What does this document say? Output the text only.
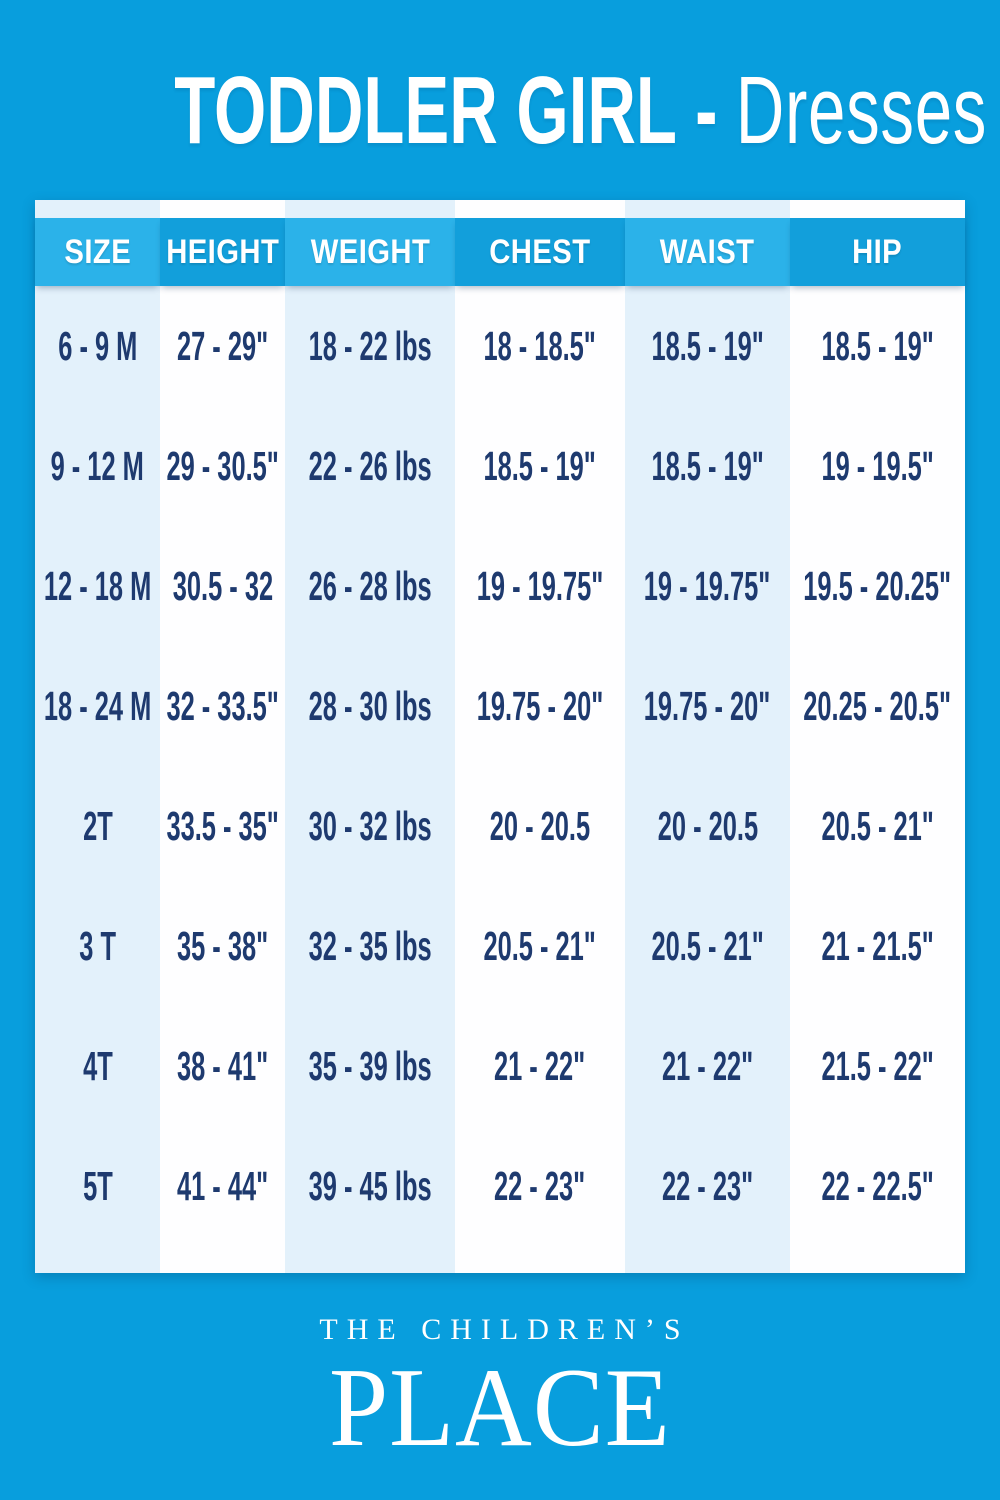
TODDLER GIRL - Dresses
SIZE HEIGHT WEIGHT CHEST WAIST	HIP
6 - 9 M 27 - 29" 18 - 22 lbs 18 - 18.5" 18.5 - 19" 18.5 - 19"
9 - 12 M 29 - 30.5" 22 - 26 lbs 18.5 - 19" 18.5 - 19" 19 - 19.5"
12 - 18 M 30.5 - 32 26 - 28 lbs 19 - 19.75" 19 - 19.75" 19.5 - 20.25"
18 - 24 M 32 - 33.5" 28 - 30 lbs 19.75 - 20" 19.75 - 20" 20.25 - 20.5"
2T 33.5 - 35" 30 - 32 lbs 20 - 20.5 20 - 20.5 20.5 - 21"
3 T 35 - 38" 32 - 35 lbs 20.5 - 21" 20.5 - 21" 21 - 21.5"
4T 38 - 41" 35 - 39 lbs 21 - 22" 21 - 22" 21.5 - 22"
5T 41 - 44" 39 - 45 lbs 22 - 23" 22 - 23" 22 - 22.5"
THE CHILDREN’S
PLACE
